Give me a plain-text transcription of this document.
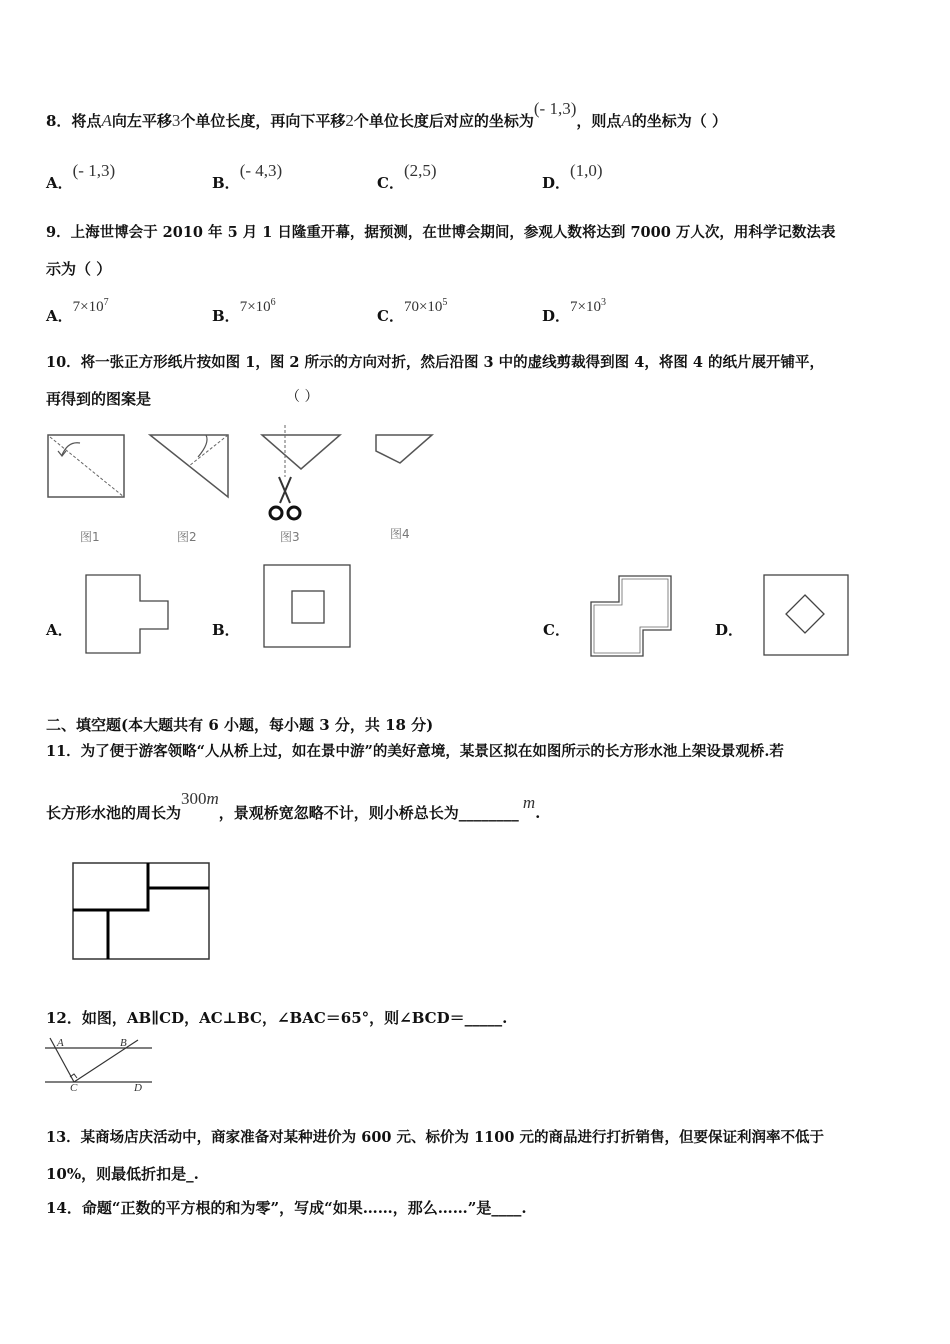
8．将点A向左平移3个单位长度，再向下平移2个单位长度后对应的坐标为(- 1,3)，则点A的坐标为（ ）
A．(- 1,3)
B．(- 4,3)
C．(2,5)
D．(1,0)
9．上海世博会于 2010 年 5 月 1 日隆重开幕，据预测，在世博会期间，参观人数将达到 7000 万人次，用科学记数法表
示为（ ）
A．$7\times 10^7$
B．$7\times 10^6$
C．$70\times 10^5$
D．$7\times 10^3$
10．将一张正方形纸片按如图 1，图 2 所示的方向对折，然后沿图 3 中的虚线剪裁得到图 4，将图 4 的纸片展开铺平，
再得到的图案是	（ ）
图1	图2	图3	图4
A．	B．	C．	D．
二、填空题(本大题共有 6 小题，每小题 3 分，共 18 分)
11．为了便于游客领略“人从桥上过，如在景中游”的美好意境，某景区拟在如图所示的长方形水池上架设景观桥.若
长方形水池的周长为300m，景观桥宽忽略不计，则小桥总长为________m.
12．如图，AB∥CD，AC⊥BC，∠BAC＝65°，则∠BCD＝_____.
A	B
C	D
13．某商场店庆活动中，商家准备对某种进价为 600 元、标价为 1100 元的商品进行打折销售，但要保证利润率不低于
10%，则最低折扣是_.
14．命题“正数的平方根的和为零”，写成“如果……，那么……”是____.
